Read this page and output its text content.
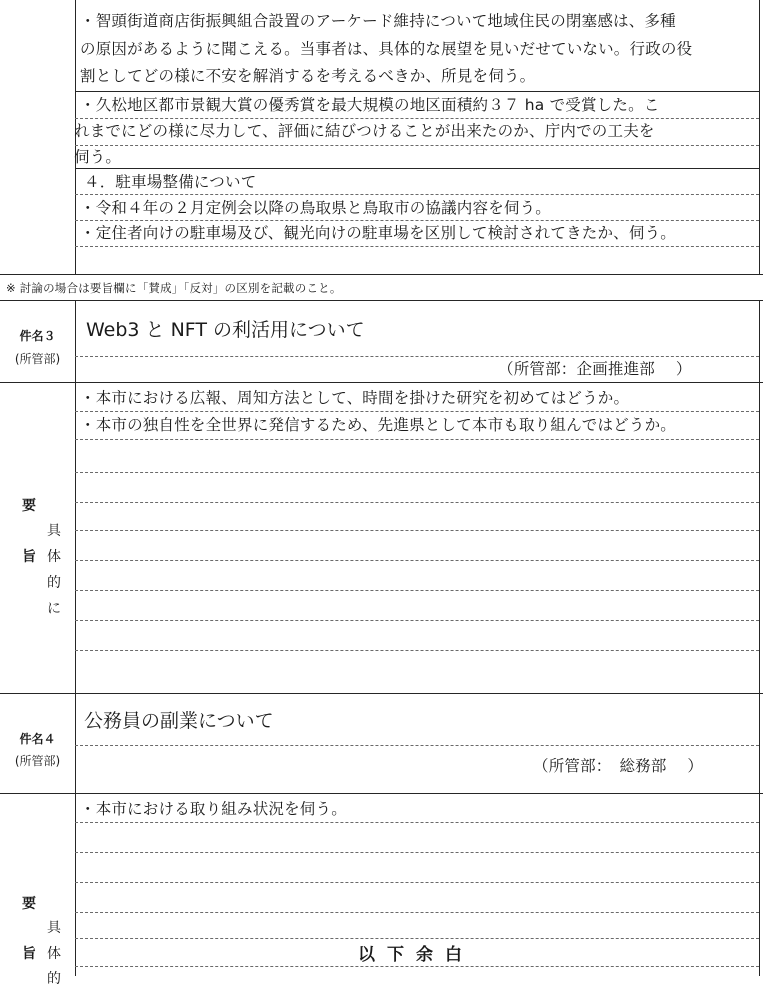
・智頭街道商店街振興組合設置のアーケード維持について地域住民の閉塞感は、多種
の原因があるように聞こえる。当事者は、具体的な展望を見いだせていない。行政の役
割としてどの様に不安を解消するを考えるべきか、所見を伺う。
・久松地区都市景観大賞の優秀賞を最大規模の地区面積約３７ ha で受賞した。こ
れまでにどの様に尽力して、評価に結びつけることが出来たのか、庁内での工夫を
伺う。
４．駐車場整備について
・令和４年の２月定例会以降の鳥取県と鳥取市の協議内容を伺う。
・定住者向けの駐車場及び、観光向けの駐車場を区別して検討されてきたか、伺う。
※ 討論の場合は要旨欄に「賛成」「反対」の区別を記載のこと。
件名３
(所管部)
Web3 と NFT の利活用について
（所管部：企画推進部　 ）
・本市における広報、周知方法として、時間を掛けた研究を初めてはどうか。
・本市の独自性を全世界に発信するため、先進県として本市も取り組んではどうか。
要
具
旨 体
的
に
件名４
(所管部)
公務員の副業について
（所管部：　総務部　 ）
・本市における取り組み状況を伺う。
以下余白
要
具
旨 体
的
